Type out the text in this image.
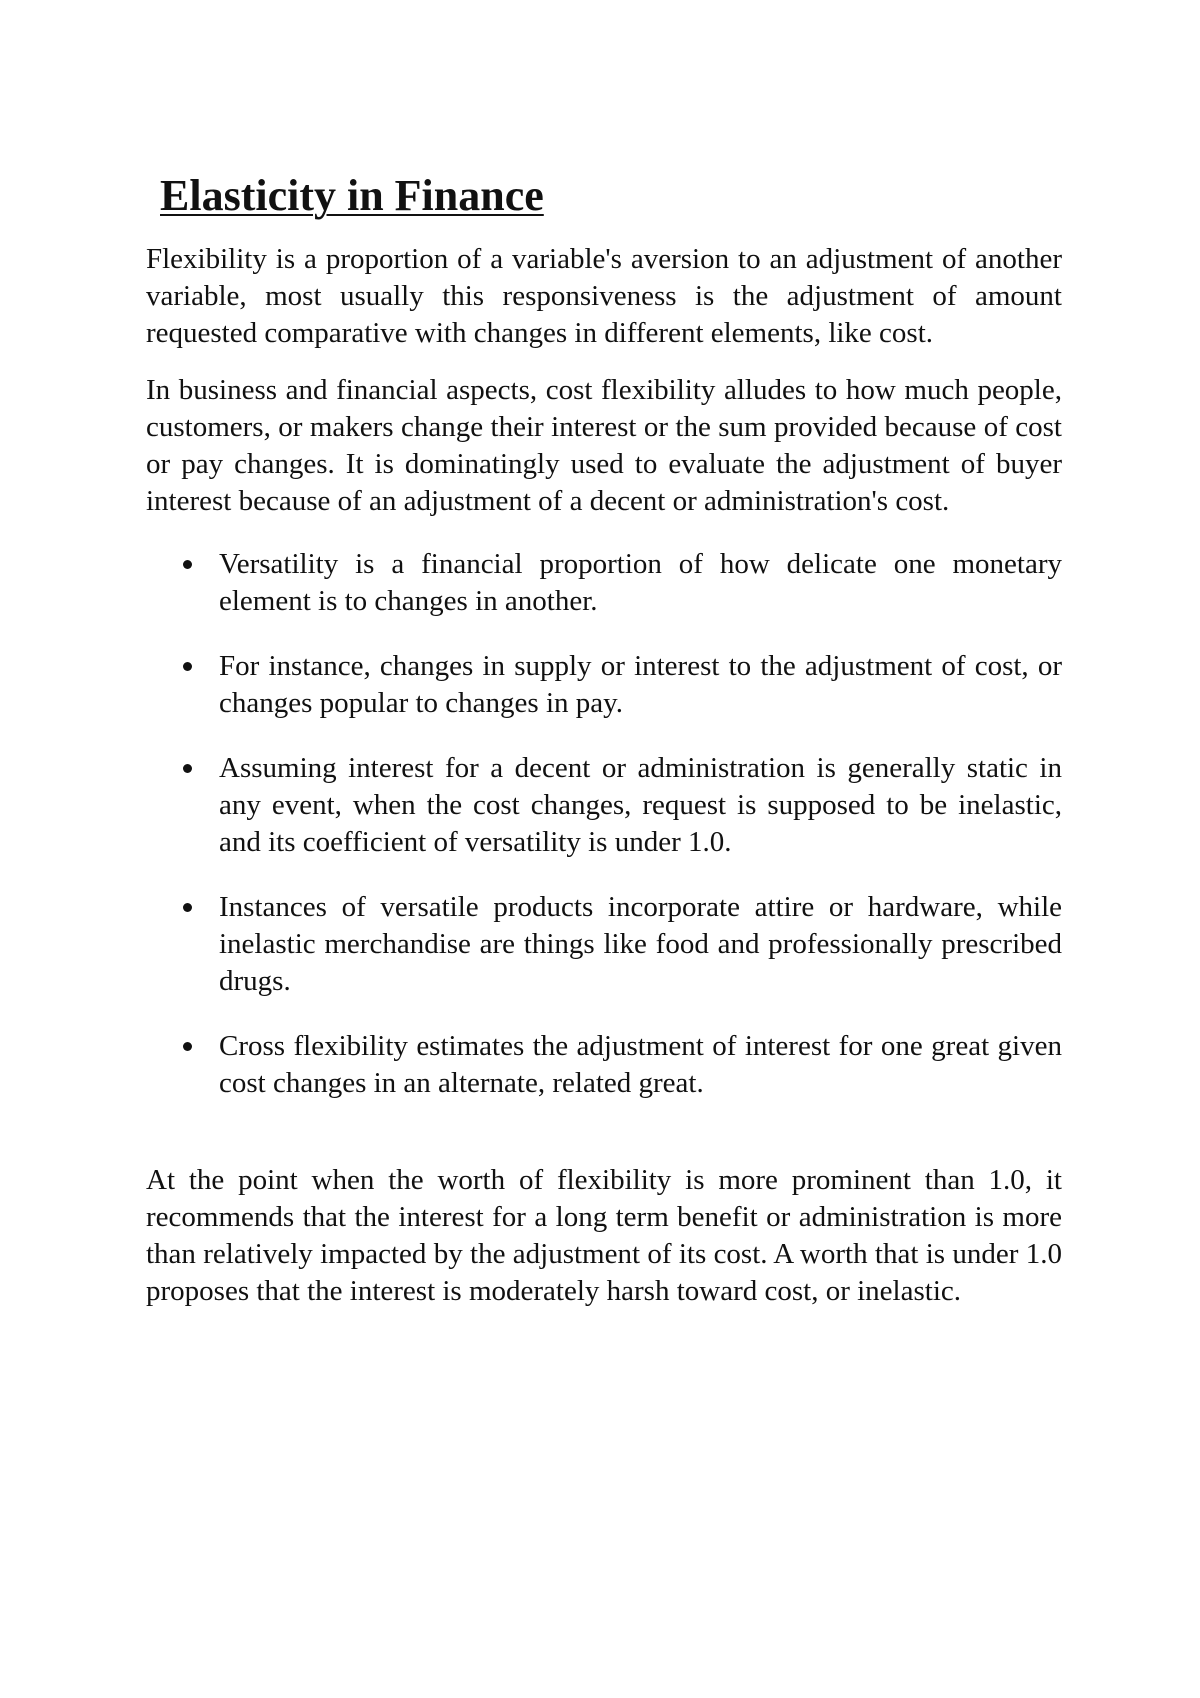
Elasticity in Finance

Flexibility is a proportion of a variable's aversion to an adjustment of another variable, most usually this responsiveness is the adjustment of amount requested comparative with changes in different elements, like cost.

In business and financial aspects, cost flexibility alludes to how much people, customers, or makers change their interest or the sum provided because of cost or pay changes. It is dominatingly used to evaluate the adjustment of buyer interest because of an adjustment of a decent or administration's cost.

Versatility is a financial proportion of how delicate one monetary element is to changes in another.
For instance, changes in supply or interest to the adjustment of cost, or changes popular to changes in pay.
Assuming interest for a decent or administration is generally static in any event, when the cost changes, request is supposed to be inelastic, and its coefficient of versatility is under 1.0.
Instances of versatile products incorporate attire or hardware, while inelastic merchandise are things like food and professionally prescribed drugs.
Cross flexibility estimates the adjustment of interest for one great given cost changes in an alternate, related great.

At the point when the worth of flexibility is more prominent than 1.0, it recommends that the interest for a long term benefit or administration is more than relatively impacted by the adjustment of its cost. A worth that is under 1.0 proposes that the interest is moderately harsh toward cost, or inelastic.
